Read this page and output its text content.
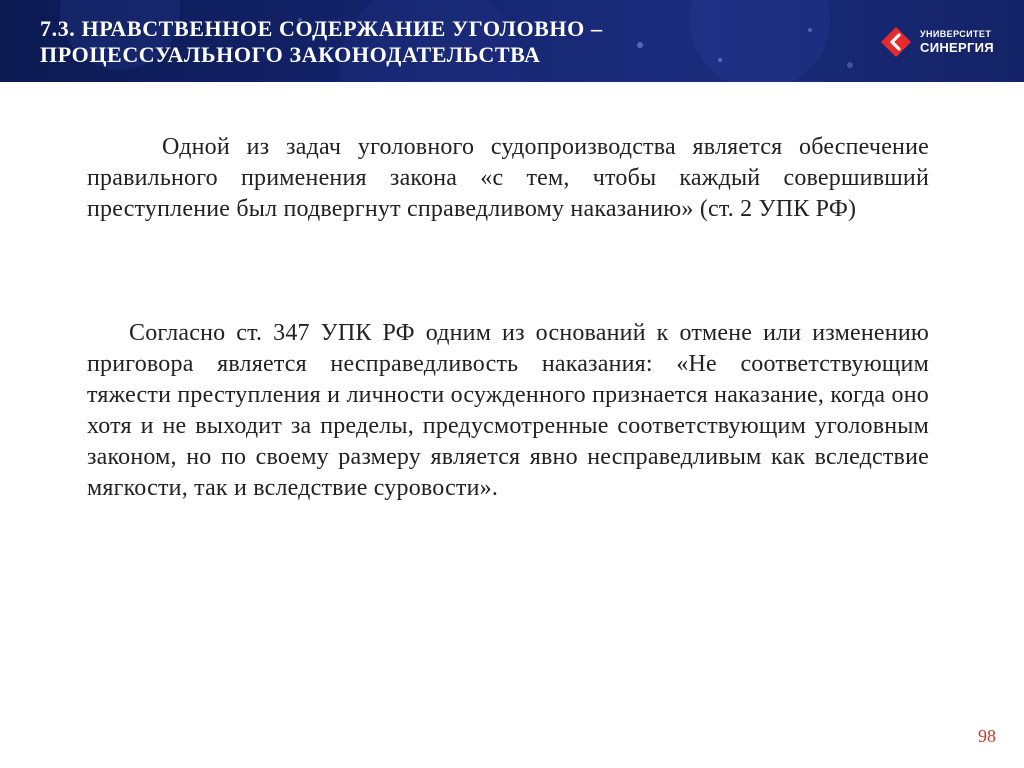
7.3. НРАВСТВЕННОЕ СОДЕРЖАНИЕ УГОЛОВНО –
ПРОЦЕССУАЛЬНОГО ЗАКОНОДАТЕЛЬСТВА
УНИВЕРСИТЕТ
СИНЕРГИЯ

Одной из задач уголовного судопроизводства является обеспечение правильного применения закона «с тем, чтобы каждый совершивший преступление был подвергнут справедливому наказанию» (ст. 2 УПК РФ)

Согласно ст. 347 УПК РФ одним из оснований к отмене или изменению приговора является несправедливость наказания: «Не соответствующим тяжести преступления и личности осужденного признается наказание, когда оно хотя и не выходит за пределы, предусмотренные соответствующим уголовным законом, но по своему размеру является явно несправедливым как вследствие мягкости, так и вследствие суровости».

98
